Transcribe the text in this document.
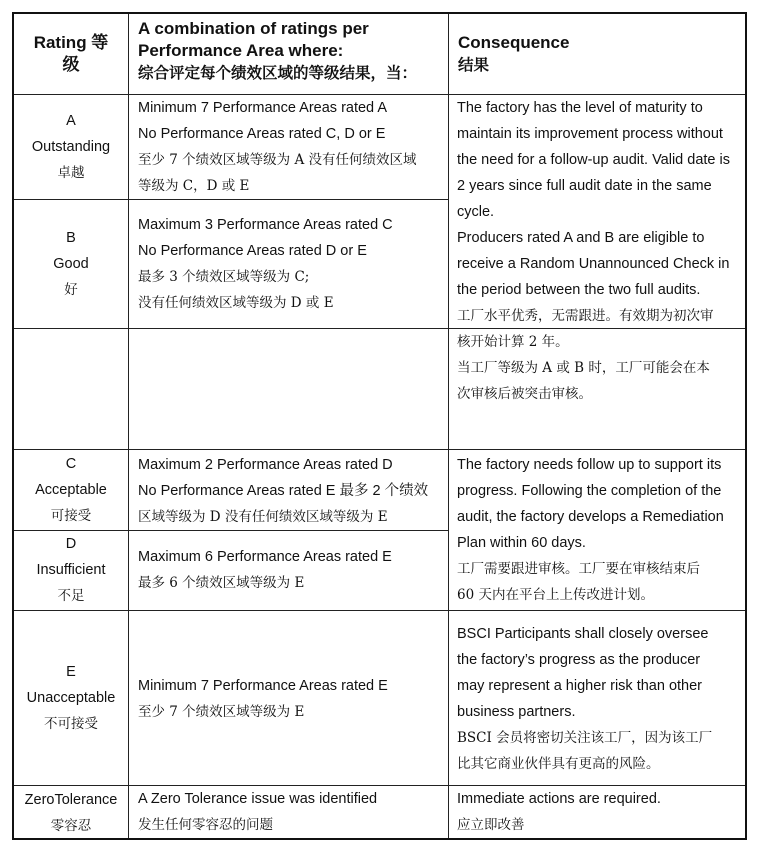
Rating 等级
A combination of ratings per
Performance Area where:
综合评定每个绩效区域的等级结果，当：
Consequence
结果
A
Outstanding
卓越
Minimum 7 Performance Areas rated A
No Performance Areas rated C, D or E
至少 7 个绩效区域等级为 A 没有任何绩效区域
等级为 C，D 或 E
B
Good
好
Maximum 3 Performance Areas rated C
No Performance Areas rated D or E
最多 3 个绩效区域等级为 C;
没有任何绩效区域等级为 D 或 E
The factory has the level of maturity to
maintain its improvement process without
the need for a follow-up audit. Valid date is
2 years since full audit date in the same
cycle.
Producers rated A and B are eligible to
receive a Random Unannounced Check in
the period between the two full audits.
工厂水平优秀，无需跟进。有效期为初次审
核开始计算 2 年。
当工厂等级为 A 或 B 时，工厂可能会在本
次审核后被突击审核。
C
Acceptable
可接受
Maximum 2 Performance Areas rated D
No Performance Areas rated E 最多 2 个绩效
区域等级为 D 没有任何绩效区域等级为 E
D
Insufficient
不足
Maximum 6 Performance Areas rated E
最多 6 个绩效区域等级为 E
The factory needs follow up to support its
progress. Following the completion of the
audit, the factory develops a Remediation
Plan within 60 days.
工厂需要跟进审核。工厂要在审核结束后
60 天内在平台上上传改进计划。
E
Unacceptable
不可接受
Minimum 7 Performance Areas rated E
至少 7 个绩效区域等级为 E
BSCI Participants shall closely oversee
the factory’s progress as the producer
may represent a higher risk than other
business partners.
BSCI 会员将密切关注该工厂，因为该工厂
比其它商业伙伴具有更高的风险。
ZeroTolerance
零容忍
A Zero Tolerance issue was identified
发生任何零容忍的问题
Immediate actions are required.
应立即改善
